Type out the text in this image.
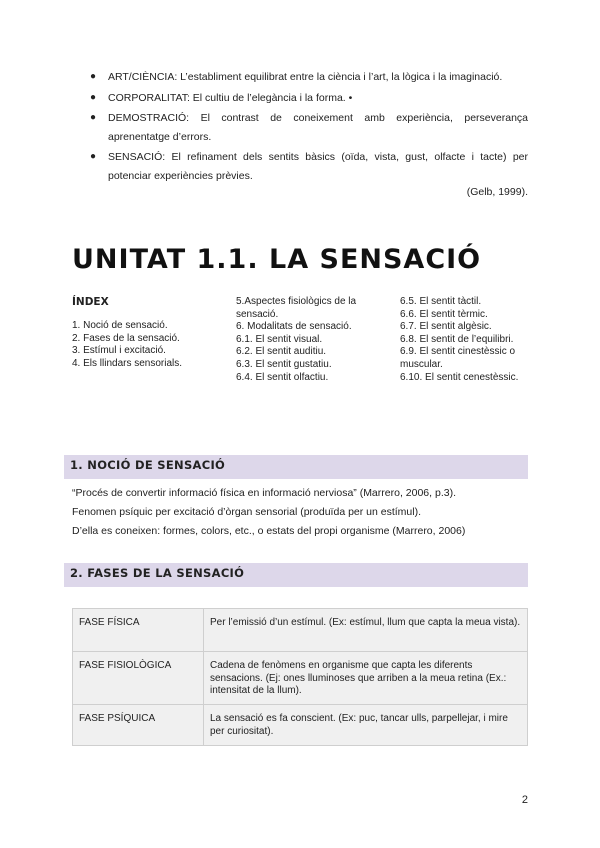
● ART/CIÈNCIA: L’establiment equilibrat entre la ciència i l’art, la lògica i la imaginació.
● CORPORALITAT: El cultiu de l’elegància i la forma. •
● DEMOSTRACIÓ: El contrast de coneixement amb experiència, perseverança aprenentatge d’errors.
● SENSACIÓ: El refinament dels sentits bàsics (oïda, vista, gust, olfacte i tacte) per potenciar experiències prèvies.
(Gelb, 1999).
UNITAT 1.1. LA SENSACIÓ
ÍNDEX
1. Noció de sensació.
2. Fases de la sensació.
3. Estímul i excitació.
4. Els llindars sensorials.
5.Aspectes fisiològics de la sensació.
6. Modalitats de sensació.
6.1. El sentit visual.
6.2. El sentit auditiu.
6.3. El sentit gustatiu.
6.4. El sentit olfactiu.
6.5. El sentit tàctil.
6.6. El sentit tèrmic.
6.7. El sentit algèsic.
6.8. El sentit de l’equilibri.
6.9. El sentit cinestèssic o muscular.
6.10. El sentit cenestèssic.
1. NOCIÓ DE SENSACIÓ
“Procés de convertir informació física en informació nerviosa” (Marrero, 2006, p.3).
Fenomen psíquic per excitació d’òrgan sensorial (produïda per un estímul).
D’ella es coneixen: formes, colors, etc., o estats del propi organisme (Marrero, 2006)
2. FASES DE LA SENSACIÓ
FASE FÍSICA	Per l’emissió d’un estímul. (Ex: estímul, llum que capta la meua vista).
FASE FISIOLÒGICA	Cadena de fenòmens en organisme que capta les diferents sensacions. (Ej: ones lluminoses que arriben a la meua retina (Ex.: intensitat de la llum).
FASE PSÍQUICA	La sensació es fa conscient. (Ex: puc, tancar ulls, parpellejar, i mire per curiositat).
2
